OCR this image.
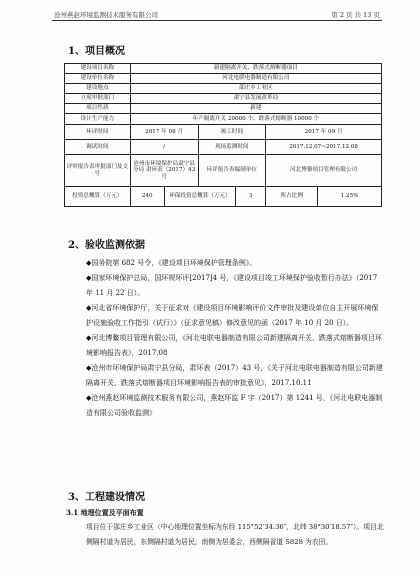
沧州燕赵环境监测技术服务有限公司	第 2 页 共 13 页
1、项目概况
建设项目名称	新建隔离开关、跌落式熔断器项目					
建设单位名称	河北电联电器制造有限公司					
建设地点	邵庄乡工业区					
立项审批部门	肃宁县发展改革局					
项目性质	新建					
设计生产能力	年产隔离开关 20000 个、跌落式熔断器 10000 个					
环评时间	2017 年 08 月		竣工时间		2017 年 09 月	
调试时间	/		现场监测时间		2017.12.07~2017.12.08	
评审报告表审批部门及文号	沧州市环境保护局肃宁县分局 肃环表（2017）43 号		环评报告表编制单位		河北博鳌项目管理有限公司	
投资总概算（万元）	240	环保投资总概算（万元）		3	所占比例	1.25%
2、验收监测依据
◆国务院第 682 号令，《建设项目环境保护管理条例》。
◆国家环境保护总局，国环规环评[2017]4 号，《建设项目竣工环境保护验收暂行办法》（2017 年 11 月 22 日）。
◆河北省环境保护厅，关于征求对《建设项目环境影响评价文件审批及建设单位自主开展环境保护设施验收工作指引（试行）》（征求意见稿）修改意见的函（2017 年 10 月 20 日）。
◆河北博鳌项目管理有限公司，《河北电联电器制造有限公司新建隔离开关、跌落式熔断器项目环境影响报告表》，2017.08
◆沧州市环境保护局肃宁县分局，肃环表（2017）43 号，《关于河北电联电器制造有限公司新建隔离开关、跌落式熔断器项目环境影响报告表的审批意见》，2017.10.11
◆沧州燕赵环境监测技术服务有限公司，燕赵环监 F 字（2017）第 1241 号，《河北电联电器制造有限公司验收监测》
3、工程建设情况
3.1 地理位置及平面布置
项目位于邵庄乡工业区（中心地理位置坐标为东经 115°52′34.36″，北纬 38°30′18.57″）。项目北侧隔村道为居民，东侧隔村道为居民，南侧为居委会，西侧隔省道 S828 为农田。
